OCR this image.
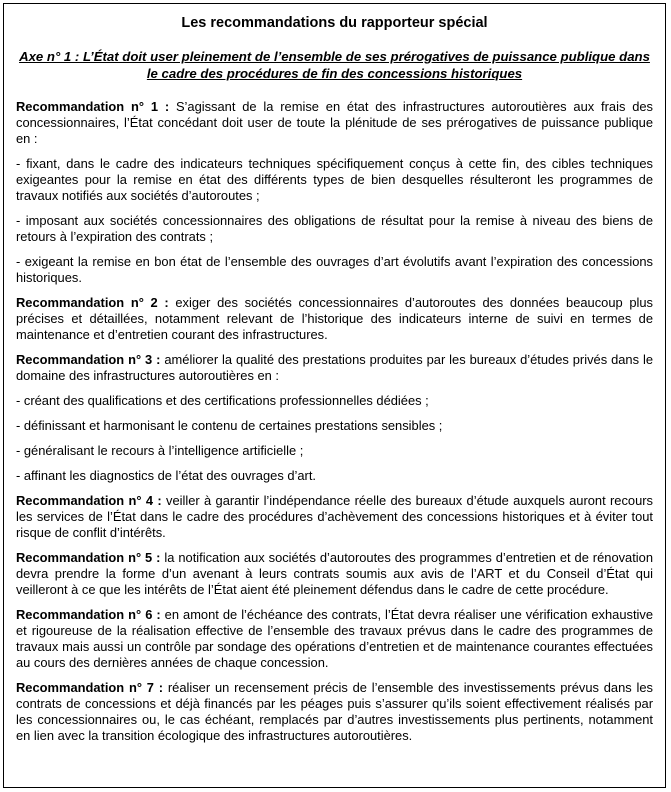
Les recommandations du rapporteur spécial
Axe n° 1 : L’État doit user pleinement de l’ensemble de ses prérogatives de puissance publique dans le cadre des procédures de fin des concessions historiques

Recommandation n° 1 : S’agissant de la remise en état des infrastructures autoroutières aux frais des concessionnaires, l’État concédant doit user de toute la plénitude de ses prérogatives de puissance publique en :

- fixant, dans le cadre des indicateurs techniques spécifiquement conçus à cette fin, des cibles techniques exigeantes pour la remise en état des différents types de bien desquelles résulteront les programmes de travaux notifiés aux sociétés d’autoroutes ;

- imposant aux sociétés concessionnaires des obligations de résultat pour la remise à niveau des biens de retours à l’expiration des contrats ;

- exigeant la remise en bon état de l’ensemble des ouvrages d’art évolutifs avant l’expiration des concessions historiques.

Recommandation n° 2 : exiger des sociétés concessionnaires d’autoroutes des données beaucoup plus précises et détaillées, notamment relevant de l’historique des indicateurs interne de suivi en termes de maintenance et d’entretien courant des infrastructures.

Recommandation n° 3 : améliorer la qualité des prestations produites par les bureaux d’études privés dans le domaine des infrastructures autoroutières en :

- créant des qualifications et des certifications professionnelles dédiées ;

- définissant et harmonisant le contenu de certaines prestations sensibles ;

- généralisant le recours à l’intelligence artificielle ;

- affinant les diagnostics de l’état des ouvrages d’art.

Recommandation n° 4 : veiller à garantir l’indépendance réelle des bureaux d’étude auxquels auront recours les services de l’État dans le cadre des procédures d’achèvement des concessions historiques et à éviter tout risque de conflit d’intérêts.

Recommandation n° 5 : la notification aux sociétés d’autoroutes des programmes d’entretien et de rénovation devra prendre la forme d’un avenant à leurs contrats soumis aux avis de l’ART et du Conseil d’État qui veilleront à ce que les intérêts de l’État aient été pleinement défendus dans le cadre de cette procédure.

Recommandation n° 6 : en amont de l’échéance des contrats, l’État devra réaliser une vérification exhaustive et rigoureuse de la réalisation effective de l’ensemble des travaux prévus dans le cadre des programmes de travaux mais aussi un contrôle par sondage des opérations d’entretien et de maintenance courantes effectuées au cours des dernières années de chaque concession.

Recommandation n° 7 : réaliser un recensement précis de l’ensemble des investissements prévus dans les contrats de concessions et déjà financés par les péages puis s’assurer qu’ils soient effectivement réalisés par les concessionnaires ou, le cas échéant, remplacés par d’autres investissements plus pertinents, notamment en lien avec la transition écologique des infrastructures autoroutières.
